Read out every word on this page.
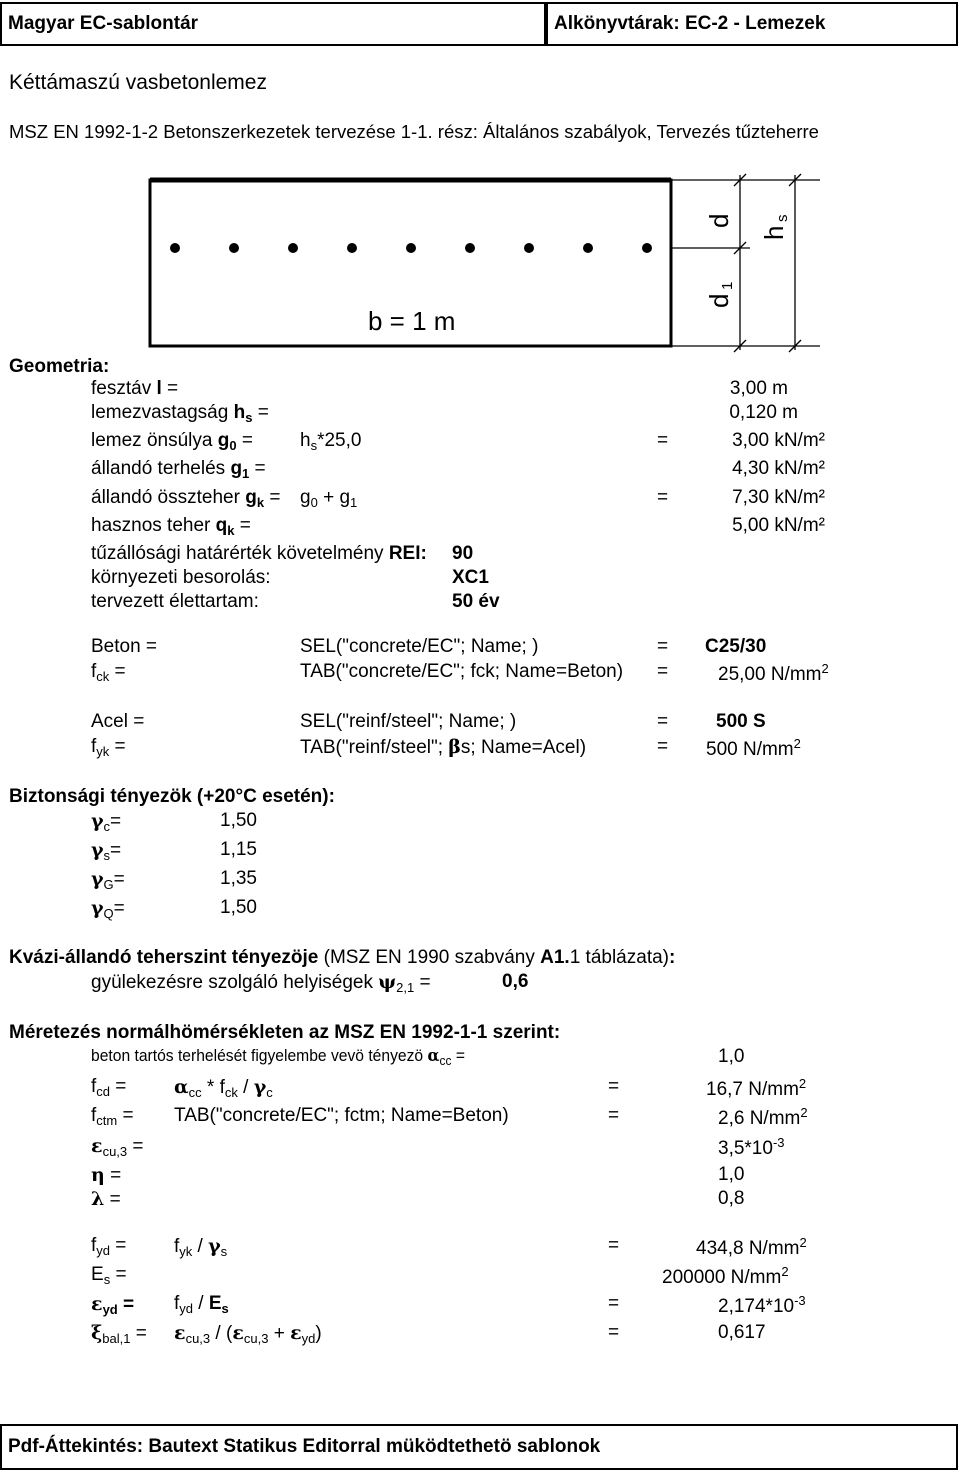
Magyar EC-sablontár	Alkönyvtárak: EC-2 - Lemezek
Kéttámaszú vasbetonlemez
MSZ EN 1992-1-2 Betonszerkezetek tervezése 1-1. rész: Általános szabályok, Tervezés tűzteherre
b = 1 m
d
d
1
h
s
Geometria:
fesztáv l =	3,00 m
lemezvastagság $h_s$ =	0,120 m
lemez önsúlya $g_0 = h_s*25,0$	=	3,00 kN/m²
állandó terhelés $g_1$ =	4,30 kN/m²
állandó összteher $g_k = g_0 + g_1$	=	7,30 kN/m²
hasznos teher $q_k$ =	5,00 kN/m²
tűzállósági határérték követelmény REI: 90
környezeti besorolás:	XC1
tervezett élettartam:	50 év
Beton =	SEL("concrete/EC"; Name; )	= C25/30
$f_{ck}$ =	TAB("concrete/EC"; fck; Name=Beton) =	25,00 $N/mm^2$
Acel =	SEL("reinf/steel"; Name; )	=	500 S
$f_{yk}$ =	TAB("reinf/steel"; βs; Name=Acel)	= 500 $N/mm^2$
Biztonsági tényezök (+20°C esetén):
$\gamma_c=$	1,50
$\gamma_s=$	1,15
$\gamma_G=$	1,35
$\gamma_Q=$	1,50
Kvázi-állandó teherszint tényezöje (MSZ EN 1990 szabvány A1.1 táblázata):
gyülekezésre szolgáló helyiségek $\psi_{2,1}$ =	0,6
Méretezés normálhömérsékleten az MSZ EN 1992-1-1 szerint:
beton tartós terhelését figyelembe vevö tényezö $\alpha_{cc}$ =	1,0
$f_{cd}$ =	$\alpha_{cc} * f_{ck} / \gamma_c$	=	16,7 $N/mm^2$
$f_{ctm}$ = TAB("concrete/EC"; fctm; Name=Beton)	=	2,6 $N/mm^2$
$\varepsilon_{cu,3}$ =	$3,5*10^{-3}$
η =	1,0
λ =	0,8
$f_{yd}$ =	$f_{yk} / \gamma_s$	=	434,8 $N/mm^2$
$E_s$ =	200000 $N/mm^2$
$\varepsilon_{yd} = f_{yd} / E_s$	=	$2,174*10^{-3}$
$\xi_{bal,1} = \varepsilon_{cu,3} / (\varepsilon_{cu,3} + \varepsilon_{yd})$	=	0,617
Pdf-Áttekintés: Bautext Statikus Editorral müködtethetö sablonok
